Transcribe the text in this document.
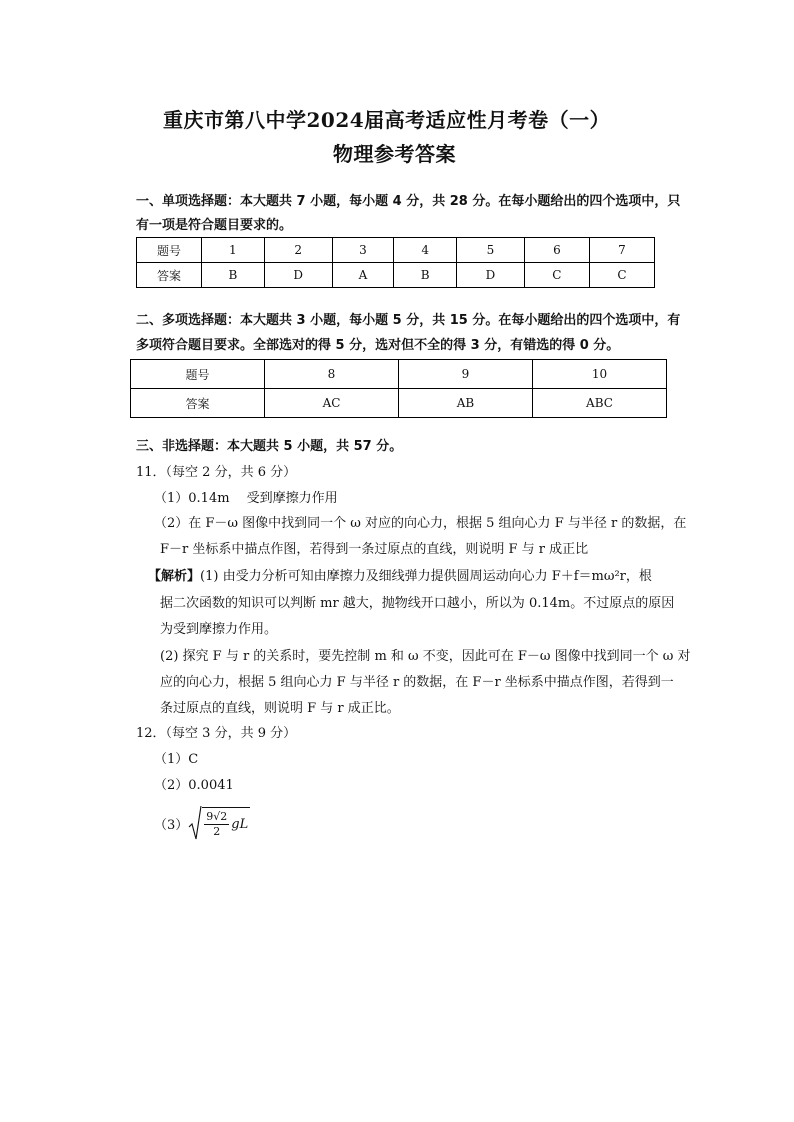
重庆市第八中学2024届高考适应性月考卷（一）
物理参考答案
一、单项选择题：本大题共 7 小题，每小题 4 分，共 28 分。在每小题给出的四个选项中，只
有一项是符合题目要求的。
题号	1	2	3	4	5	6	7
答案	B	D	A	B	D	C	C
二、多项选择题：本大题共 3 小题，每小题 5 分，共 15 分。在每小题给出的四个选项中，有
多项符合题目要求。全部选对的得 5 分，选对但不全的得 3 分，有错选的得 0 分。
题号	8	9	10
答案	AC	AB	ABC
三、非选择题：本大题共 5 小题，共 57 分。
11．（每空 2 分，共 6 分）
（1）0.14m　 受到摩擦力作用
（2）在 F－ω 图像中找到同一个 ω 对应的向心力，根据 5 组向心力 F 与半径 r 的数据，在
F－r 坐标系中描点作图，若得到一条过原点的直线，则说明 F 与 r 成正比
【解析】(1) 由受力分析可知由摩擦力及细线弹力提供圆周运动向心力 F＋f＝mω²r，根
据二次函数的知识可以判断 mr 越大，抛物线开口越小，所以为 0.14m。不过原点的原因
为受到摩擦力作用。
(2) 探究 F 与 r 的关系时，要先控制 m 和 ω 不变，因此可在 F－ω 图像中找到同一个 ω 对
应的向心力，根据 5 组向心力 F 与半径 r 的数据，在 F－r 坐标系中描点作图，若得到一
条过原点的直线，则说明 F 与 r 成正比。
12．（每空 3 分，共 9 分）
（1）C
（2）0.0041
$(3) \frac{9√2}{2}$ gL
